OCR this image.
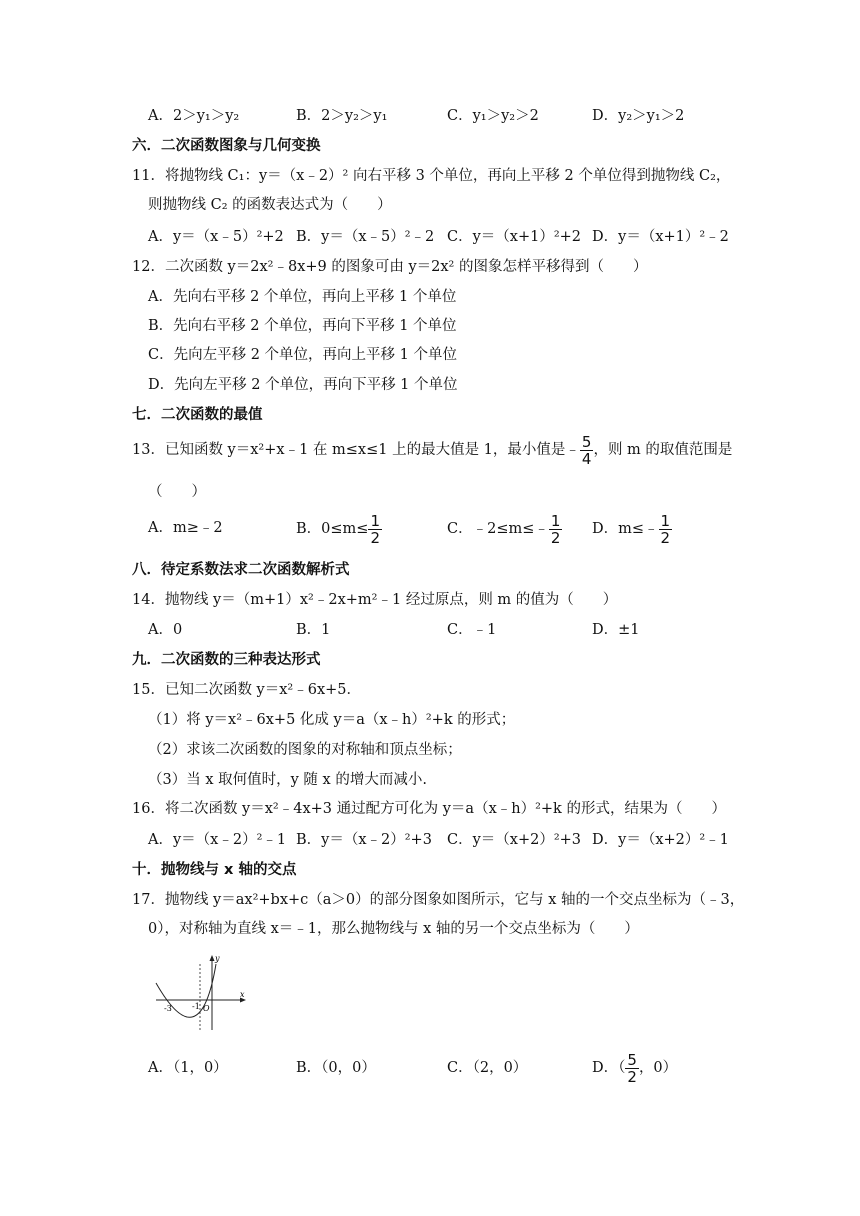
A．2＞y₁＞y₂	B．2＞y₂＞y₁	C．y₁＞y₂＞2	D．y₂＞y₁＞2
六．二次函数图象与几何变换
11．将抛物线 C₁：y＝（x﹣2）² 向右平移 3 个单位，再向上平移 2 个单位得到抛物线 C₂，
则抛物线 C₂ 的函数表达式为（　　）
A．y＝（x﹣5）²+2 B．y＝（x﹣5）²﹣2 C．y＝（x+1）²+2 D．y＝（x+1）²﹣2
12．二次函数 y＝2x²﹣8x+9 的图象可由 y＝2x² 的图象怎样平移得到（　　）
A．先向右平移 2 个单位，再向上平移 1 个单位
B．先向右平移 2 个单位，再向下平移 1 个单位
C．先向左平移 2 个单位，再向上平移 1 个单位
D．先向左平移 2 个单位，再向下平移 1 个单位
七．二次函数的最值
13．已知函数 y＝x²+x﹣1 在 m≤x≤1 上的最大值是 1，最小值是﹣ $\frac{5}{4}$ ，则 m 的取值范围是
（　　）
A．m≥﹣2	B．$0\le m\le \frac{1}{2}$	C．﹣2≤m≤﹣ $\frac{1}{2}$ D．m≤﹣ $\frac{1}{2}$
八．待定系数法求二次函数解析式
14．抛物线 y＝（m+1）x²﹣2x+m²﹣1 经过原点，则 m 的值为（　　）
A．0	B．1	C．﹣1	D．±1
九．二次函数的三种表达形式
15．已知二次函数 y＝x²﹣6x+5．
（1）将 y＝x²﹣6x+5 化成 y＝a（x﹣h）²+k 的形式；
（2）求该二次函数的图象的对称轴和顶点坐标；
（3）当 x 取何值时，y 随 x 的增大而减小.
16．将二次函数 y＝x²﹣4x+3 通过配方可化为 y＝a（x﹣h）²+k 的形式，结果为（　　）
A．y＝（x﹣2）²﹣1 B．y＝（x﹣2）²+3 C．y＝（x+2）²+3 D．y＝（x+2）²﹣1
十．抛物线与 x 轴的交点
17．抛物线 y＝ax²+bx+c（a＞0）的部分图象如图所示，它与 x 轴的一个交点坐标为（﹣3，
0），对称轴为直线 x＝﹣1，那么抛物线与 x 轴的另一个交点坐标为（　　）
x
y
-3	-1 O
A．（1，0）	B．（0，0）	C．（2，0）	D．（ $\frac{5}{2}$ ，0）
